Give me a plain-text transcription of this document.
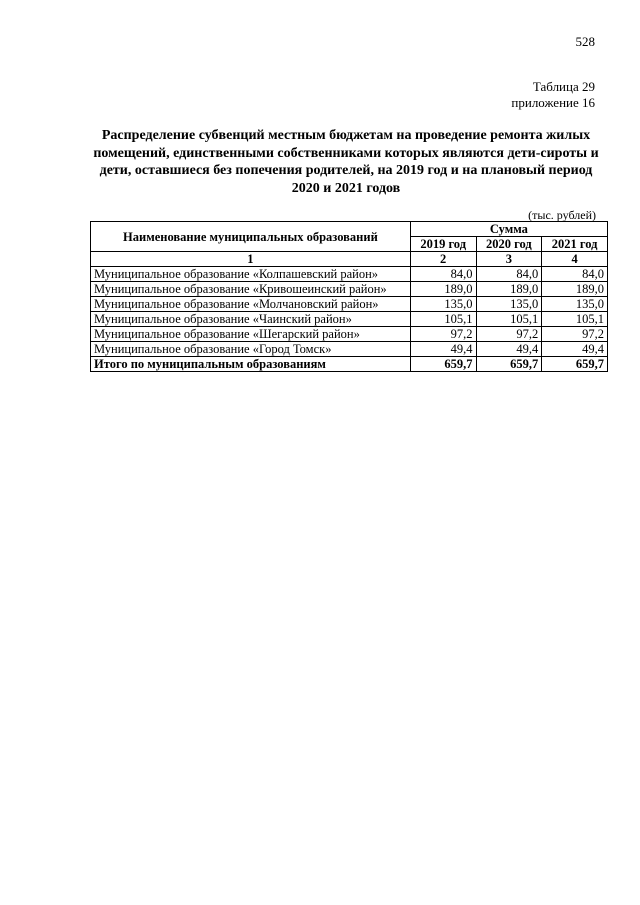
528
Таблица 29
приложение 16
Распределение субвенций местным бюджетам на проведение ремонта жилых помещений, единственными собственниками которых являются дети-сироты и дети, оставшиеся без попечения родителей, на 2019 год и на плановый период 2020 и 2021 годов
(тыс. рублей)
Наименование муниципальных образований	Сумма		
	2019 год	2020 год	2021 год
1	2	3	4
Муниципальное образование «Колпашевский район»	84,0	84,0	84,0
Муниципальное образование «Кривошеинский район»	189,0	189,0	189,0
Муниципальное образование «Молчановский район»	135,0	135,0	135,0
Муниципальное образование «Чаинский район»	105,1	105,1	105,1
Муниципальное образование «Шегарский район»	97,2	97,2	97,2
Муниципальное образование «Город Томск»	49,4	49,4	49,4
Итого по муниципальным образованиям	659,7	659,7	659,7
